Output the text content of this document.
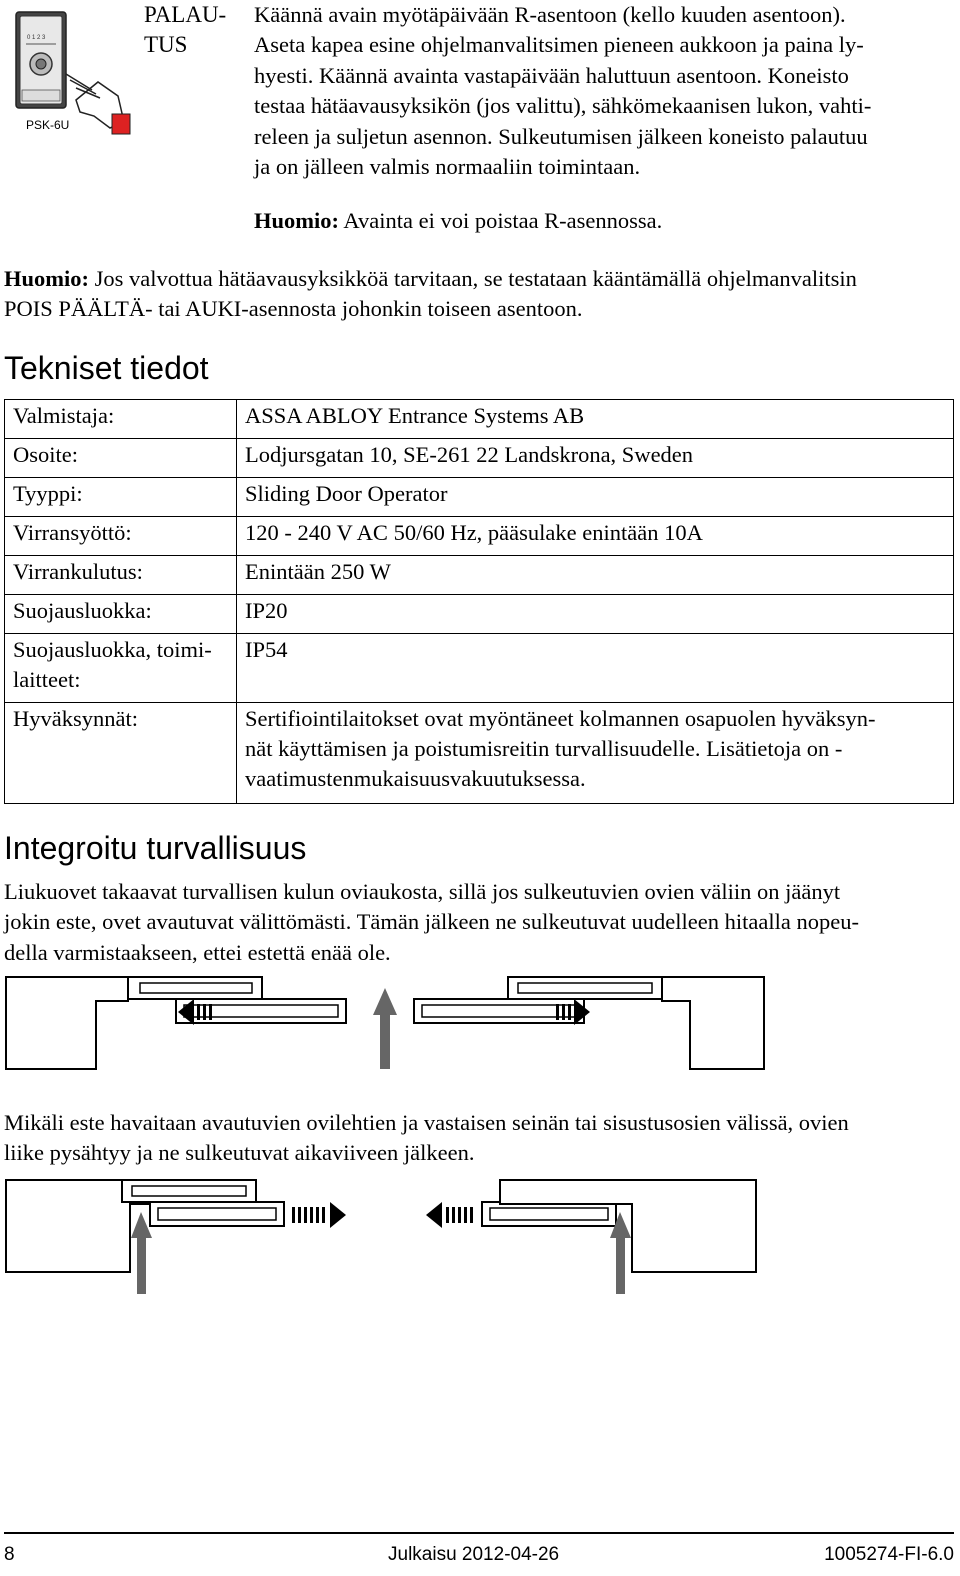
0 1 2 3
PSK-6U
PALAU-
TUS
Käännä avain myötäpäivään R-asentoon (kello kuuden asentoon).
Aseta kapea esine ohjelmanvalitsimen pieneen aukkoon ja paina ly-
hyesti. Käännä avainta vastapäivään haluttuun asentoon. Koneisto
testaa hätäavausyksikön (jos valittu), sähkömekaanisen lukon, vahti-
releen ja suljetun asennon. Sulkeutumisen jälkeen koneisto palautuu
ja on jälleen valmis normaaliin toimintaan.
Huomio: Avainta ei voi poistaa R-asennossa.
Huomio: Jos valvottua hätäavausyksikköä tarvitaan, se testataan kääntämällä ohjelmanvalitsin
POIS PÄÄLTÄ- tai AUKI-asennosta johonkin toiseen asentoon.
Tekniset tiedot
Valmistaja:	ASSA ABLOY Entrance Systems AB
Osoite:	Lodjursgatan 10, SE-261 22 Landskrona, Sweden
Tyyppi:	Sliding Door Operator
Virransyöttö:	120 - 240 V AC 50/60 Hz, pääsulake enintään 10A
Virrankulutus:	Enintään 250 W
Suojausluokka:	IP20
Suojausluokka, toimi-
laitteet:	IP54
Hyväksynnät:	Sertifiointilaitokset ovat myöntäneet kolmannen osapuolen hyväksyn-
nät käyttämisen ja poistumisreitin turvallisuudelle. Lisätietoja on -
vaatimustenmukaisuusvakuutuksessa.
Integroitu turvallisuus
Liukuovet takaavat turvallisen kulun oviaukosta, sillä jos sulkeutuvien ovien väliin on jäänyt
jokin este, ovet avautuvat välittömästi. Tämän jälkeen ne sulkeutuvat uudelleen hitaalla nopeu-
della varmistaakseen, ettei estettä enää ole.
Mikäli este havaitaan avautuvien ovilehtien ja vastaisen seinän tai sisustusosien välissä, ovien
liike pysähtyy ja ne sulkeutuvat aikaviiveen jälkeen.
8	Julkaisu 2012-04-26	1005274-FI-6.0
